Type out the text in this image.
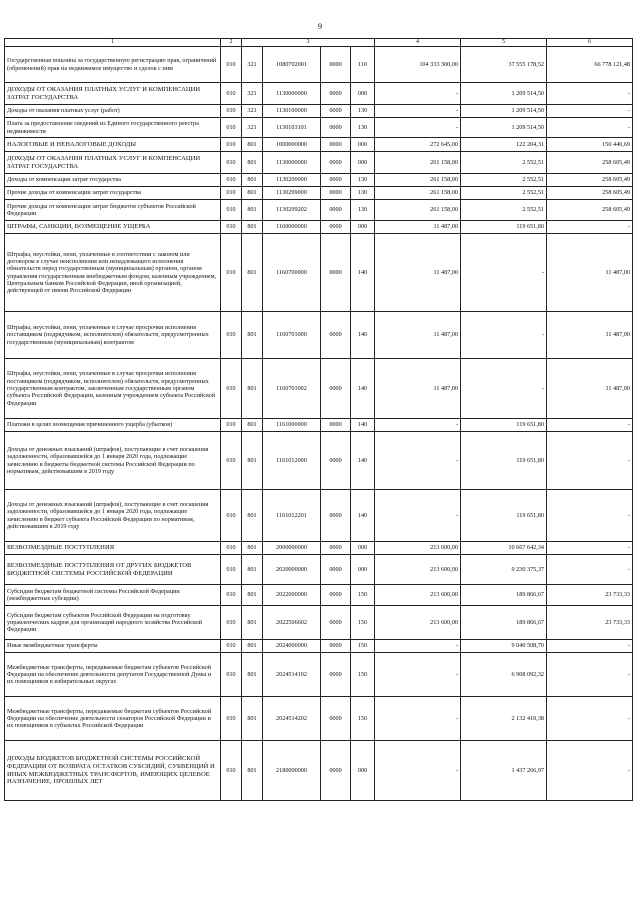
9
1	2	3				4	5	6
Государственная пошлина за государственную регистрацию прав, ограничений (обременений) прав на недвижимое имущество и сделок с ним	010	321	1080702001	0000	110	104 333 300,00	37 555 178,52	66 778 121,48
ДОХОДЫ ОТ ОКАЗАНИЯ ПЛАТНЫХ УСЛУГ И КОМПЕНСАЦИИ ЗАТРАТ ГОСУДАРСТВА	010	321	1130000000	0000	000	-	1 209 514,50	-
Доходы от оказания платных услуг (работ)	010	321	1130100000	0000	130	-	1 209 514,50	-
Плата за предоставление сведений из Единого государственного реестра недвижимости	010	321	1130103101	0000	130	-	1 209 514,50	-
НАЛОГОВЫЕ И НЕНАЛОГОВЫЕ ДОХОДЫ	010	801	1000000000	0000	000	272 645,00	122 204,31	150 440,69
ДОХОДЫ ОТ ОКАЗАНИЯ ПЛАТНЫХ УСЛУГ И КОМПЕНСАЦИИ ЗАТРАТ ГОСУДАРСТВА	010	801	1130000000	0000	000	261 158,00	2 552,51	258 605,49
Доходы от компенсации затрат государства	010	801	1130200000	0000	130	261 158,00	2 552,51	258 605,49
Прочие доходы от компенсации затрат государства	010	801	1130299000	0000	130	261 158,00	2 552,51	258 605,49
Прочие доходы от компенсации затрат бюджетов субъектов Российской Федерации	010	801	1130299202	0000	130	261 158,00	2 552,51	258 605,49
ШТРАФЫ, САНКЦИИ, ВОЗМЕЩЕНИЕ УЩЕРБА	010	801	1160000000	0000	000	11 487,00	119 651,80	-
Штрафы, неустойки, пени, уплаченные в соответствии с законом или договором в случае неисполнения или ненадлежащего исполнения обязательств перед государственным (муниципальным) органом, органом управления государственным внебюджетным фондом, казенным учреждением, Центральным банком Российской Федерации, иной организацией, действующей от имени Российской Федерации	010	801	1160700000	0000	140	11 487,00	-	11 487,00
Штрафы, неустойки, пени, уплаченные в случае просрочки исполнения поставщиком (подрядчиком, исполнителем) обязательств, предусмотренных государственным (муниципальным) контрактом	010	801	1160701000	0000	140	11 487,00	-	11 487,00
Штрафы, неустойки, пени, уплаченные в случае просрочки исполнения поставщиком (подрядчиком, исполнителем) обязательств, предусмотренных государственным контрактом, заключенным государственным органом субъекта Российской Федерации, казенным учреждением субъекта Российской Федерации	010	801	1160701002	0000	140	11 487,00	-	11 487,00
Платежи в целях возмещения причиненного ущерба (убытков)	010	801	1161000000	0000	140	-	119 651,80	-
Доходы от денежных взысканий (штрафов), поступающие в счет погашения задолженности, образовавшейся до 1 января 2020 года, подлежащие зачислению в бюджеты бюджетной системы Российской Федерации по нормативам, действовавшим в 2019 году	010	801	1161012000	0000	140	-	119 651,80	-
Доходы от денежных взысканий (штрафов), поступающие в счет погашения задолженности, образовавшейся до 1 января 2020 года, подлежащие зачислению в бюджет субъекта Российской Федерации по нормативам, действовавшим в 2019 году	010	801	1161012201	0000	140	-	119 651,80	-
БЕЗВОЗМЕЗДНЫЕ ПОСТУПЛЕНИЯ	010	801	2000000000	0000	000	213 600,00	10 667 642,34	-
БЕЗВОЗМЕЗДНЫЕ ПОСТУПЛЕНИЯ ОТ ДРУГИХ БЮДЖЕТОВ БЮДЖЕТНОЙ СИСТЕМЫ РОССИЙСКОЙ ФЕДЕРАЦИИ	010	801	2020000000	0000	000	213 600,00	9 230 375,37	-
Субсидии бюджетам бюджетной системы Российской Федерации (межбюджетные субсидии)	010	801	2022000000	0000	150	213 600,00	189 866,67	23 733,33
Субсидии бюджетам субъектов Российской Федерации на подготовку управленческих кадров для организаций народного хозяйства Российской Федерации	010	801	2022506602	0000	150	213 600,00	189 866,67	23 733,33
Иные межбюджетные трансферты	010	801	2024000000	0000	150	-	9 040 508,70	-
Межбюджетные трансферты, передаваемые бюджетам субъектов Российской Федерации на обеспечение деятельности депутатов Государственной Думы и их помощников в избирательных округах	010	801	2024514102	0000	150	-	6 908 092,32	-
Межбюджетные трансферты, передаваемые бюджетам субъектов Российской Федерации на обеспечение деятельности сенаторов Российской Федерации и их помощников в субъектах Российской Федерации	010	801	2024514202	0000	150	-	2 132 410,38	-
ДОХОДЫ БЮДЖЕТОВ БЮДЖЕТНОЙ СИСТЕМЫ РОССИЙСКОЙ ФЕДЕРАЦИИ ОТ ВОЗВРАТА ОСТАТКОВ СУБСИДИЙ, СУБВЕНЦИЙ И ИНЫХ МЕЖБЮДЖЕТНЫХ ТРАНСФЕРТОВ, ИМЕЮЩИХ ЦЕЛЕВОЕ НАЗНАЧЕНИЕ, ПРОШЛЫХ ЛЕТ	010	801	2180000000	0000	000	-	1 437 266,97	-
